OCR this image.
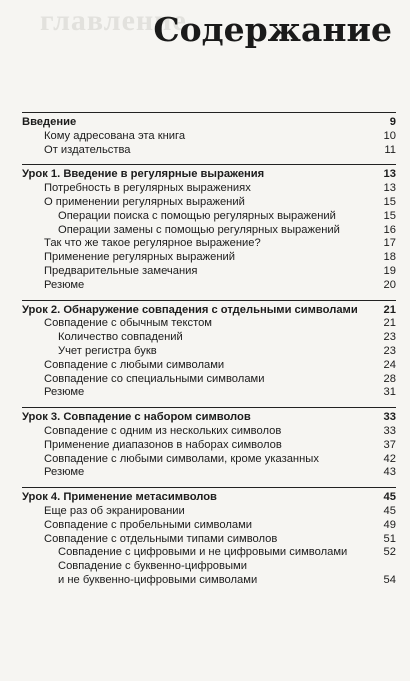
главление
Содержание
Введение	9
Кому адресована эта книга	10
От издательства	11
Урок 1. Введение в регулярные выражения	13
Потребность в регулярных выражениях	13
О применении регулярных выражений	15
Операции поиска с помощью регулярных выражений	15
Операции замены с помощью регулярных выражений	16
Так что же такое регулярное выражение?	17
Применение регулярных выражений	18
Предварительные замечания	19
Резюме	20
Урок 2. Обнаружение совпадения с отдельными символами	21
Совпадение с обычным текстом	21
Количество совпадений	23
Учет регистра букв	23
Совпадение с любыми символами	24
Совпадение со специальными символами	28
Резюме	31
Урок 3. Совпадение с набором символов	33
Совпадение с одним из нескольких символов	33
Применение диапазонов в наборах символов	37
Совпадение с любыми символами, кроме указанных	42
Резюме	43
Урок 4. Применение метасимволов	45
Еще раз об экранировании	45
Совпадение с пробельными символами	49
Совпадение с отдельными типами символов	51
Совпадение с цифровыми и не цифровыми символами	52
Совпадение с буквенно-цифровыми
и не буквенно-цифровыми символами	54
